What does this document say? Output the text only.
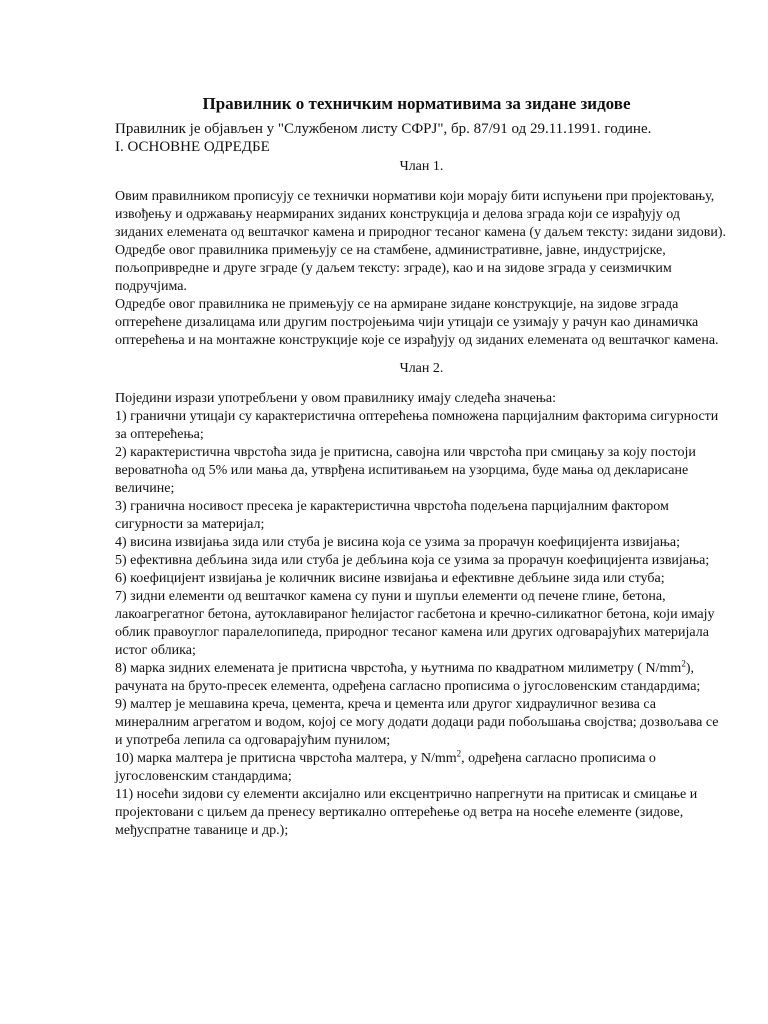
Правилник о техничким нормативима за зидане зидове

Правилник је објављен у "Службеном листу СФРЈ", бр. 87/91 од 29.11.1991. године.

I. ОСНОВНЕ ОДРЕДБЕ

Члан 1.

Овим правилником прописују се технички нормативи који морају бити испуњени при пројектовању, извођењу и одржавању неармираних зиданих конструкција и делова зграда који се израђују од зиданих елемената од вештачког камена и природног тесаног камена (у даљем тексту: зидани зидови).

Одредбе овог правилника примењују се на стамбене, административне, јавне, индустријске, пољопривредне и друге зграде (у даљем тексту: зграде), као и на зидове зграда у сеизмичким подручјима.

Одредбе овог правилника не примењују се на армиране зидане конструкције, на зидове зграда оптерећене дизалицама или другим постројењима чији утицаји се узимају у рачун као динамичка оптерећења и на монтажне конструкције које се израђују од зиданих елемената од вештачког камена.

Члан 2.

Поједини изрази употребљени у овом правилнику имају следећа значења:

1) гранични утицаји су карактеристична оптерећења помножена парцијалним факторима сигурности за оптерећења;

2) карактеристична чврстоћа зида је притисна, савојна или чврстоћа при смицању за коју постоји вероватноћа од 5% или мања да, утврђена испитивањем на узорцима, буде мања од декларисане величине;

3) гранична носивост пресека је карактеристична чврстоћа подељена парцијалним фактором сигурности за материјал;

4) висина извијања зида или стуба је висина која се узима за прорачун коефицијента извијања;

5) ефективна дебљина зида или стуба је дебљина која се узима за прорачун коефицијента извијања;

6) коефицијент извијања је количник висине извијања и ефективне дебљине зида или стуба;

7) зидни елементи од вештачког камена су пуни и шупљи елементи од печене глине, бетона, лакоагрегатног бетона, аутоклавираног ћелијастог гасбетона и кречно-силикатног бетона, који имају облик правоуглог паралелопипеда, природног тесаног камена или других одговарајућих материјала истог облика;

8) марка зидних елемената је притисна чврстоћа, у њутнима по квадратном милиметру ( $N/mm^2$), рачуната на бруто-пресек елемента, одређена сагласно прописима о југословенским стандардима;

9) малтер је мешавина креча, цемента, креча и цемента или другог хидрауличног везива са минералним агрегатом и водом, којој се могу додати додаци ради побољшања својства; дозвољава се и употреба лепила са одговарајућим пунилом;

10) марка малтера је притисна чврстоћа малтера, у $N/mm^2$, одређена сагласно прописима о југословенским стандардима;

11) носећи зидови су елементи аксијално или ексцентрично напрегнути на притисак и смицање и пројектовани с циљем да пренесу вертикално оптерећење од ветра на носеће елементе (зидове, међуспратне таванице и др.);
